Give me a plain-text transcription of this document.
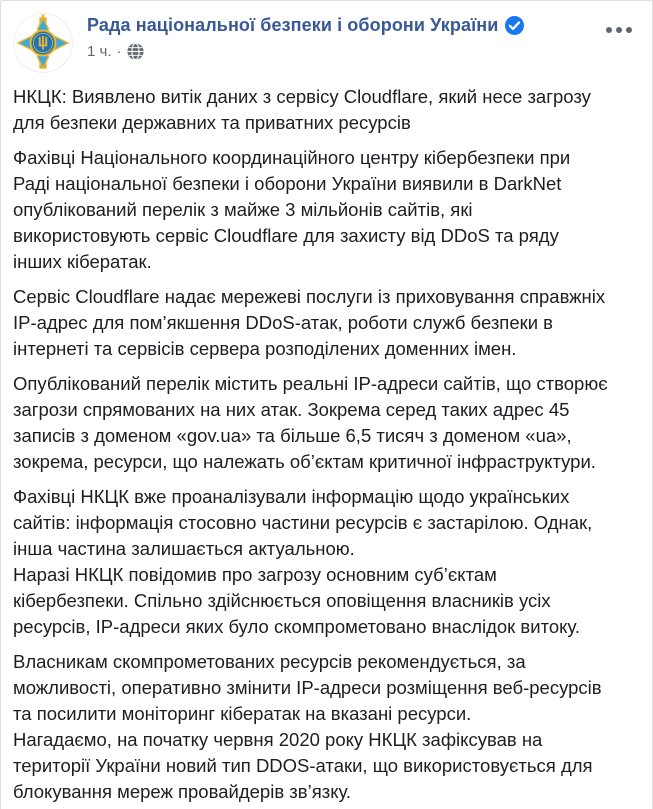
Рада національної безпеки і оборони України
1 ч. ·
НКЦК: Виявлено витік даних з сервісу Cloudflare, який несе загрозу
для безпеки державних та приватних ресурсів
Фахівці Національного координаційного центру кібербезпеки при
Раді національної безпеки і оборони України виявили в DarkNet
опублікований перелік з майже 3 мільйонів сайтів, які
використовують сервіс Cloudflare для захисту від DDoS та ряду
інших кібератак.
Сервіс Cloudflare надає мережеві послуги із приховування справжніх
IP-адрес для пом’якшення DDoS-атак, роботи служб безпеки в
інтернеті та сервісів сервера розподілених доменних імен.
Опублікований перелік містить реальні IP-адреси сайтів, що створює
загрози спрямованих на них атак. Зокрема серед таких адрес 45
записів з доменом «gov.ua» та більше 6,5 тисяч з доменом «ua»,
зокрема, ресурси, що належать об’єктам критичної інфраструктури.
Фахівці НКЦК вже проаналізували інформацію щодо українських
сайтів: інформація стосовно частини ресурсів є застарілою. Однак,
інша частина залишається актуальною.
Наразі НКЦК повідомив про загрозу основним суб’єктам
кібербезпеки. Спільно здійснюється оповіщення власників усіх
ресурсів, IP-адреси яких було скомпрометовано внаслідок витоку.
Власникам скомпрометованих ресурсів рекомендується, за
можливості, оперативно змінити IP-адреси розміщення веб-ресурсів
та посилити моніторинг кібератак на вказані ресурси.
Нагадаємо, на початку червня 2020 року НКЦК зафіксував на
території України новий тип DDOS-атаки, що використовується для
блокування мереж провайдерів зв’язку.
